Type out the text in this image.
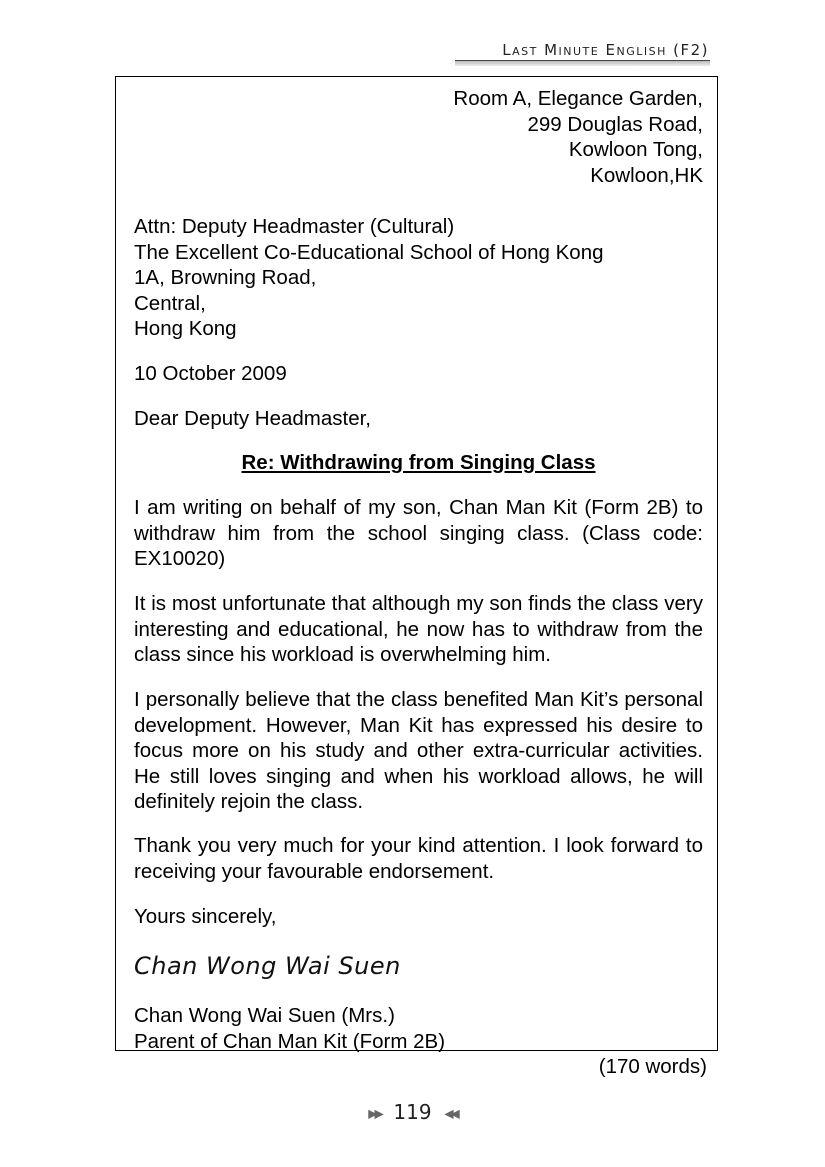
Last Minute English (F2)
Room A, Elegance Garden,
299 Douglas Road,
Kowloon Tong,
Kowloon,HK
Attn: Deputy Headmaster (Cultural)
The Excellent Co-Educational School of Hong Kong
1A, Browning Road,
Central,
Hong Kong
10 October 2009
Dear Deputy Headmaster,
Re: Withdrawing from Singing Class
I am writing on behalf of my son, Chan Man Kit (Form 2B) to withdraw him from the school singing class. (Class code: EX10020)
It is most unfortunate that although my son finds the class very interesting and educational, he now has to withdraw from the class since his workload is overwhelming him.
I personally believe that the class benefited Man Kit’s personal development. However, Man Kit has expressed his desire to focus more on his study and other extra-curricular activities. He still loves singing and when his workload allows, he will definitely rejoin the class.
Thank you very much for your kind attention. I look forward to receiving your favourable endorsement.
Yours sincerely,
Chan Wong Wai Suen
Chan Wong Wai Suen (Mrs.)
Parent of Chan Man Kit (Form 2B)
(170 words)
▶▶ 119 ◀◀
